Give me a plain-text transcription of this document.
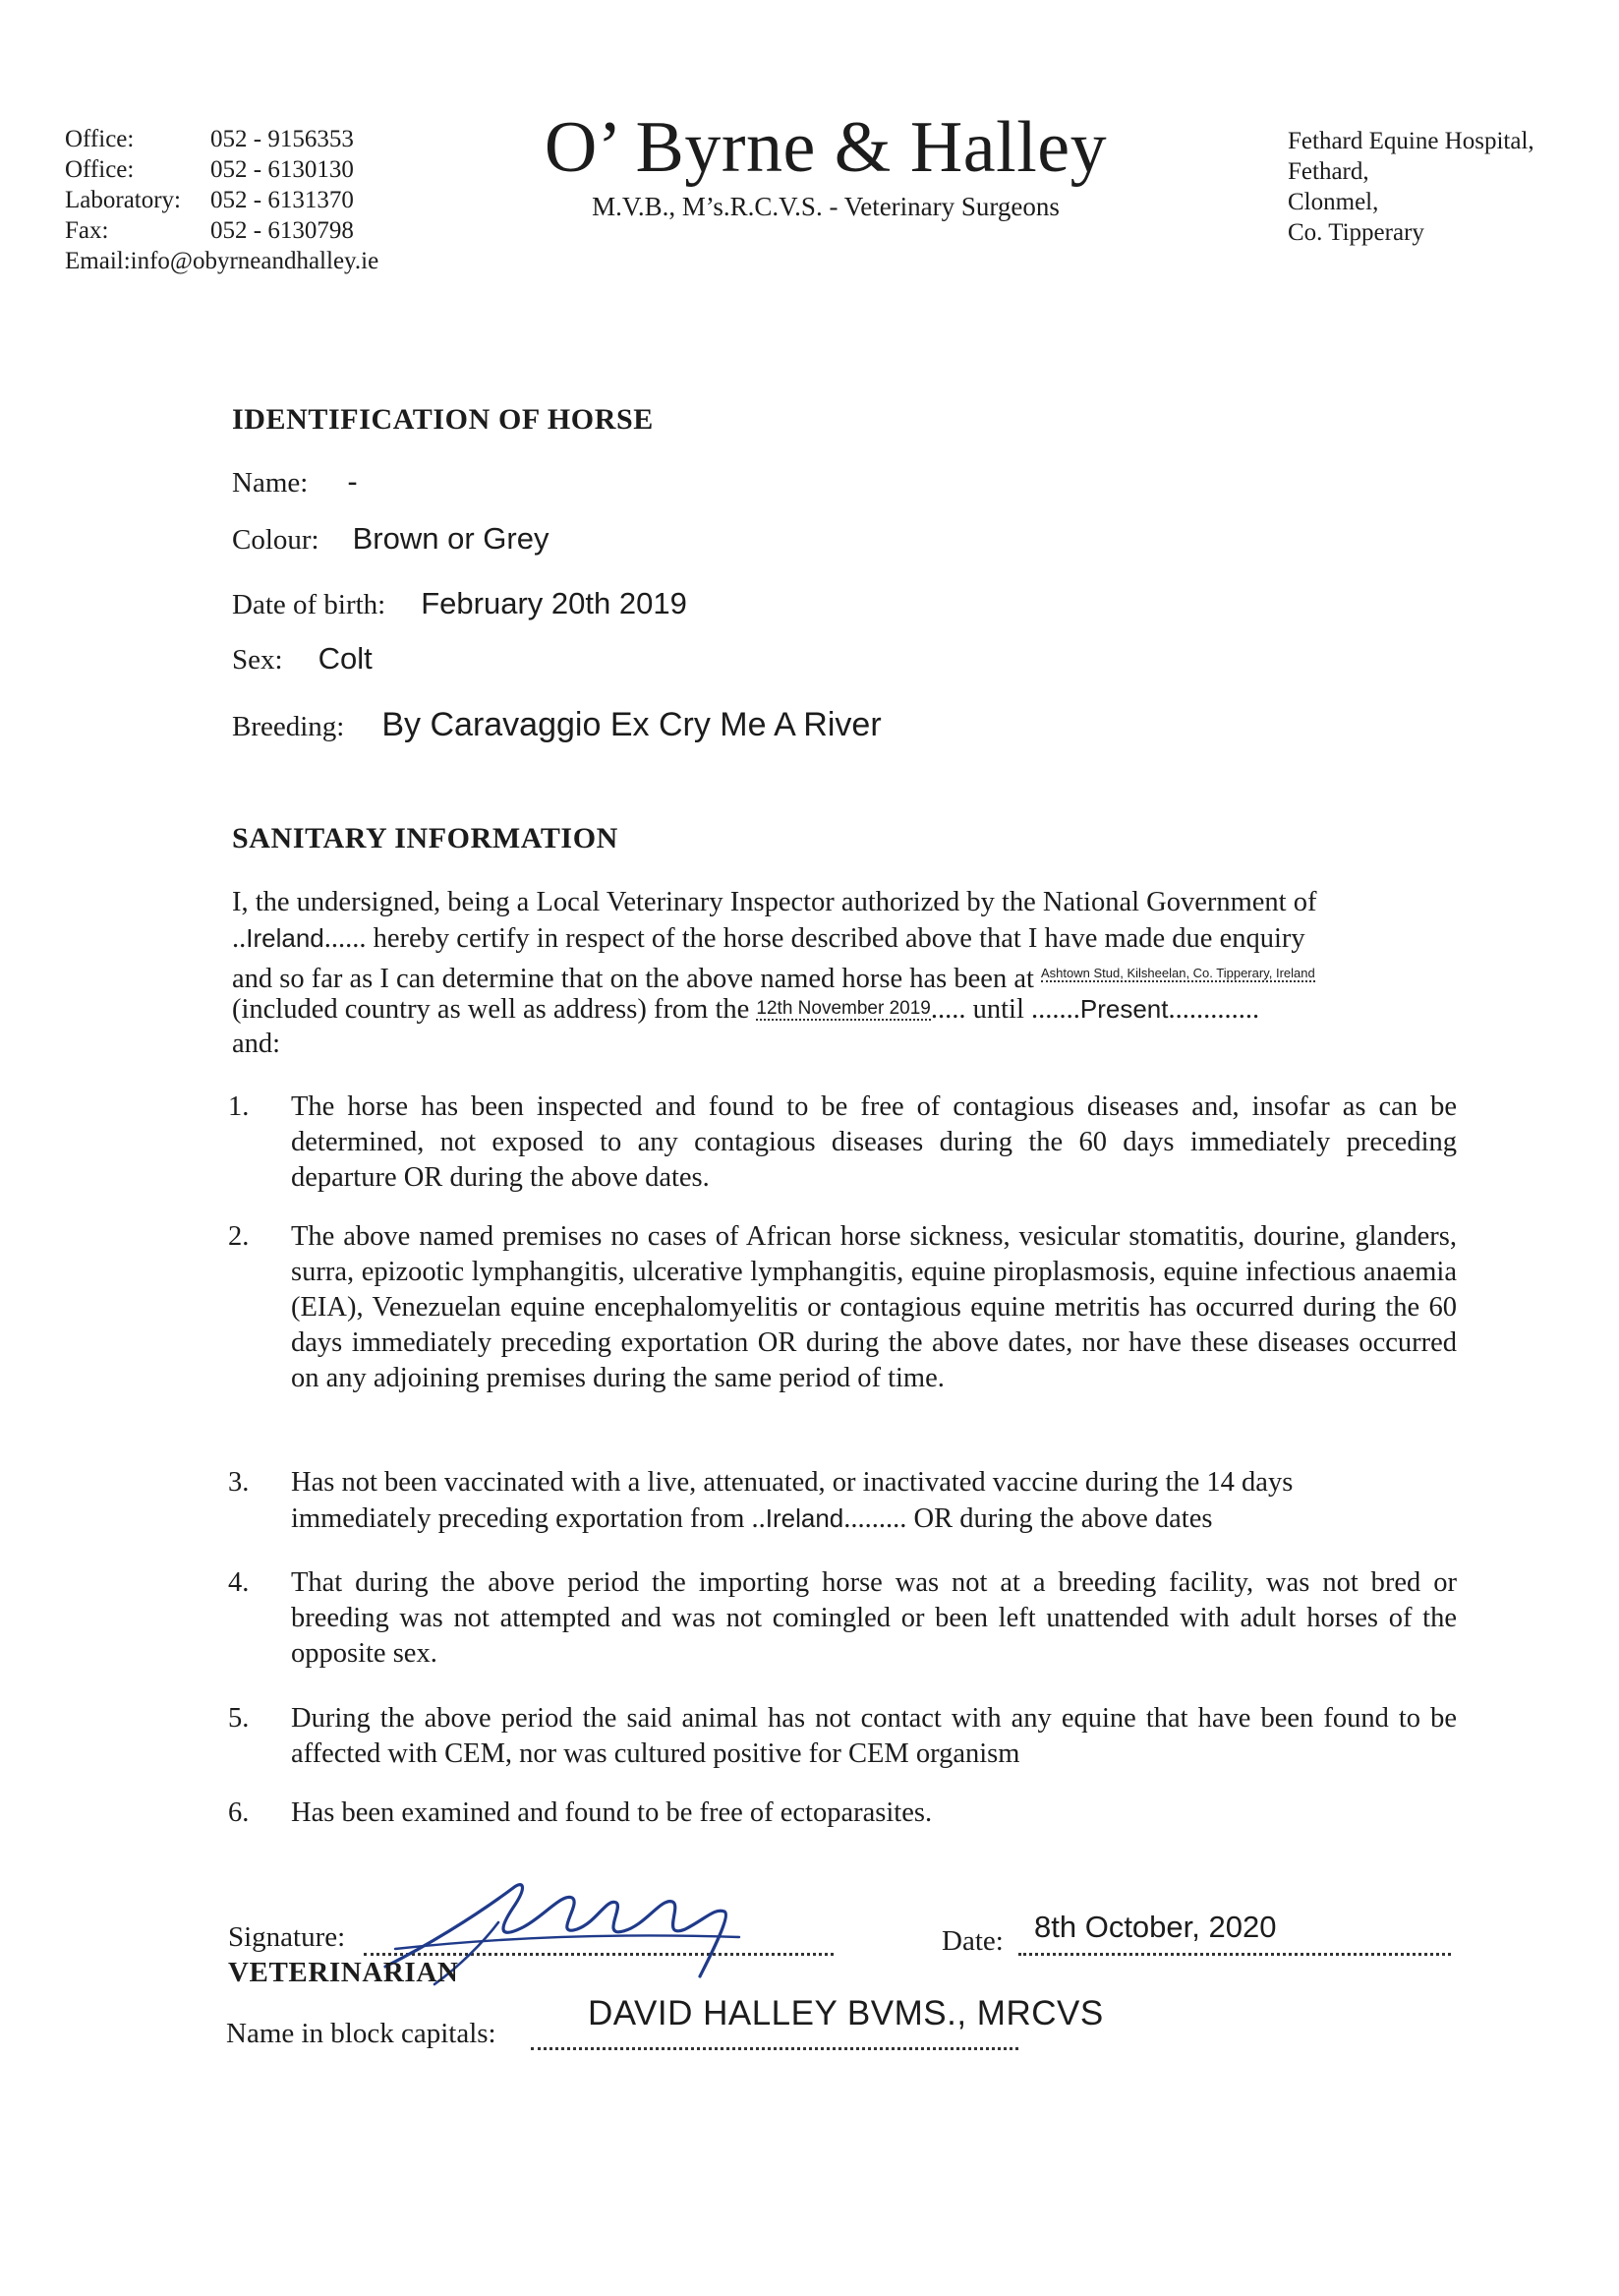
Office:	052 - 9156353
Office:	052 - 6130130
Laboratory:	052 - 6131370
Fax:	052 - 6130798
Email:info@obyrneandhalley.ie
O’ Byrne & Halley
M.V.B., M’s.R.C.V.S. - Veterinary Surgeons
Fethard Equine Hospital,
Fethard,
Clonmel,
Co. Tipperary
IDENTIFICATION OF HORSE
Name: -
Colour: Brown or Grey
Date of birth: February 20th 2019
Sex: Colt
Breeding: By Caravaggio Ex Cry Me A River
SANITARY INFORMATION
I, the undersigned, being a Local Veterinary Inspector authorized by the National Government of
..Ireland...... hereby certify in respect of the horse described above that I have made due enquiry
and so far as I can determine that on the above named horse has been at $^{Ashtown Stud, Kilsheelan, Co. Tipperary, Ireland}$
(included country as well as address) from the 12th November 2019..... until .......Present.............
and:
1.	The horse has been inspected and found to be free of contagious diseases and, insofar as can be determined, not exposed to any contagious diseases during the 60 days immediately preceding departure OR during the above dates.
2.	The above named premises no cases of African horse sickness, vesicular stomatitis, dourine, glanders, surra, epizootic lymphangitis, ulcerative lymphangitis, equine piroplasmosis, equine infectious anaemia (EIA), Venezuelan equine encephalomyelitis or contagious equine metritis has occurred during the 60 days immediately preceding exportation OR during the above dates, nor have these diseases occurred on any adjoining premises during the same period of time.
3.	Has not been vaccinated with a live, attenuated, or inactivated vaccine during the 14 days
immediately preceding exportation from ..Ireland......... OR during the above dates
4.	That during the above period the importing horse was not at a breeding facility, was not bred or breeding was not attempted and was not comingled or been left unattended with adult horses of the opposite sex.
5.	During the above period the said animal has not contact with any equine that have been found to be affected with CEM, nor was cultured positive for CEM organism
6.	Has been examined and found to be free of ectoparasites.
Signature:
VETERINARIAN
Date: 8th October, 2020
Name in block capitals:
DAVID HALLEY BVMS., MRCVS
